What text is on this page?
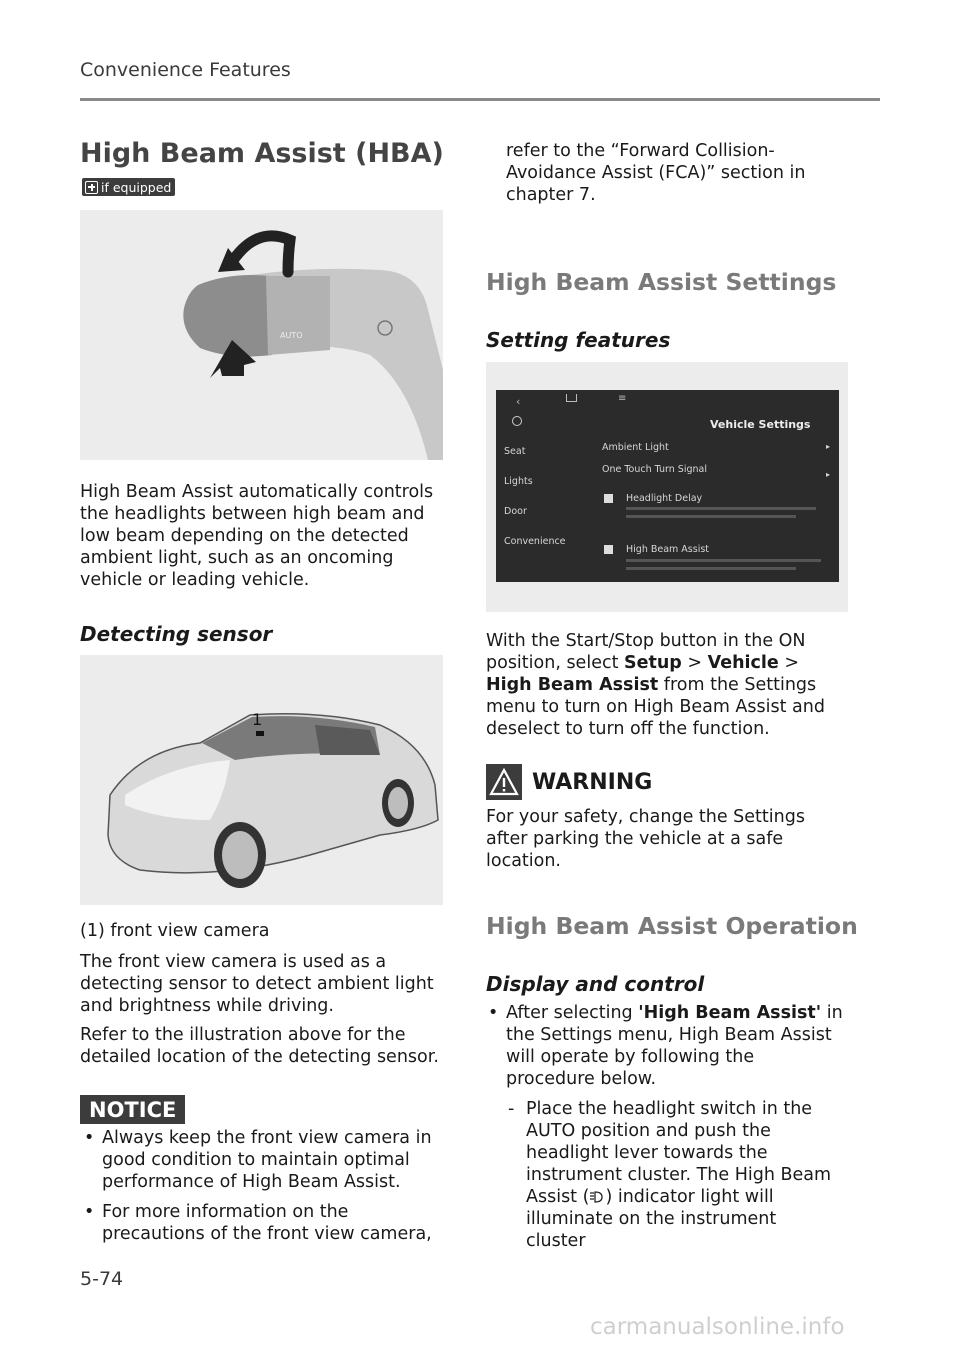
Convenience Features
High Beam Assist (HBA)
if equipped
AUTO

High Beam Assist automatically controls the headlights between high beam and low beam depending on the detected ambient light, such as an oncoming vehicle or leading vehicle.

Detecting sensor
1

(1) front view camera

The front view camera is used as a detecting sensor to detect ambient light and brightness while driving.

Refer to the illustration above for the detailed location of the detecting sensor.

NOTICE
• Always keep the front view camera in good condition to maintain optimal performance of High Beam Assist.
• For more information on the precautions of the front view camera,

refer to the “Forward Collision-Avoidance Assist (FCA)” section in chapter 7.

High Beam Assist Settings
Setting features
‹	≡
Vehicle Settings
Seat
Lights
Door
Convenience
Ambient Light	▸
One Touch Turn Signal	▸
Headlight Delay
High Beam Assist

With the Start/Stop button in the ON position, select Setup > Vehicle > High Beam Assist from the Settings menu to turn on High Beam Assist and deselect to turn off the function.

WARNING

For your safety, change the Settings after parking the vehicle at a safe location.

High Beam Assist Operation
Display and control
• After selecting 'High Beam Assist' in the Settings menu, High Beam Assist will operate by following the procedure below.
- Place the headlight switch in the AUTO position and push the headlight lever towards the instrument cluster. The High Beam Assist ( ) indicator light will illuminate on the instrument cluster
5-74
carmanualsonline.info
